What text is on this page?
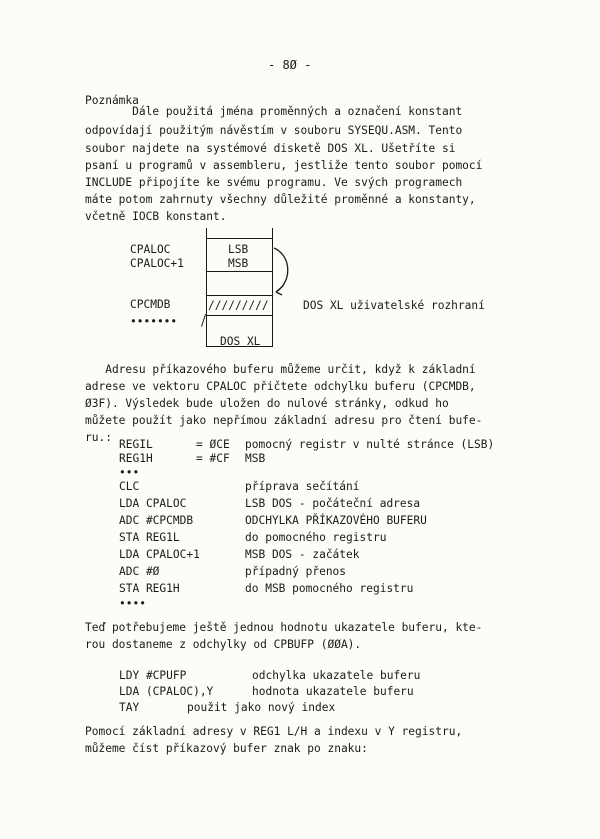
- 8Ø -
Poznámka
Dále použitá jména proměnných a označení konstant
odpovídají použitým návěstím v souboru SYSEQU.ASM. Tento
soubor najdete na systémové disketě DOS XL. Ušetříte si
psaní u programů v assembleru, jestliže tento soubor pomocí
INCLUDE připojíte ke svému programu. Ve svých programech
máte potom zahrnuty všechny důležité proměnné a konstanty,
včetně IOCB konstant.
CPALOC
CPALOC+1
CPCMDB
•••••••
LSB
MSB
/////////
DOS XL
DOS XL uživatelské rozhraní
Adresu příkazového buferu můžeme určit, když k základní
adrese ve vektoru CPALOC přičtete odchylku buferu (CPCMDB,
Ø3F). Výsledek bude uložen do nulové stránky, odkud ho
můžete použít jako nepřímou základní adresu pro čtení bufe-
ru.:
REGIL	= ØCE pomocný registr v nulté stránce (LSB)
REG1H	= #CF MSB
•••
CLC	příprava sečítání
LDA CPALOC	LSB DOS - počáteční adresa
ADC #CPCMDB	ODCHYLKA PŘÍKAZOVÉHO BUFERU
STA REG1L	do pomocného registru
LDA CPALOC+1	MSB DOS - začátek
ADC #Ø	případný přenos
STA REG1H	do MSB pomocného registru
••••
Teď potřebujeme ještě jednou hodnotu ukazatele buferu, kte-
rou dostaneme z odchylky od CPBUFP (ØØA).
LDY #CPUFP	odchylka ukazatele buferu
LDA (CPALOC),Y	hodnota ukazatele buferu
TAY	použit jako nový index
Pomocí základní adresy v REG1 L/H a indexu v Y registru,
můžeme číst příkazový bufer znak po znaku:
